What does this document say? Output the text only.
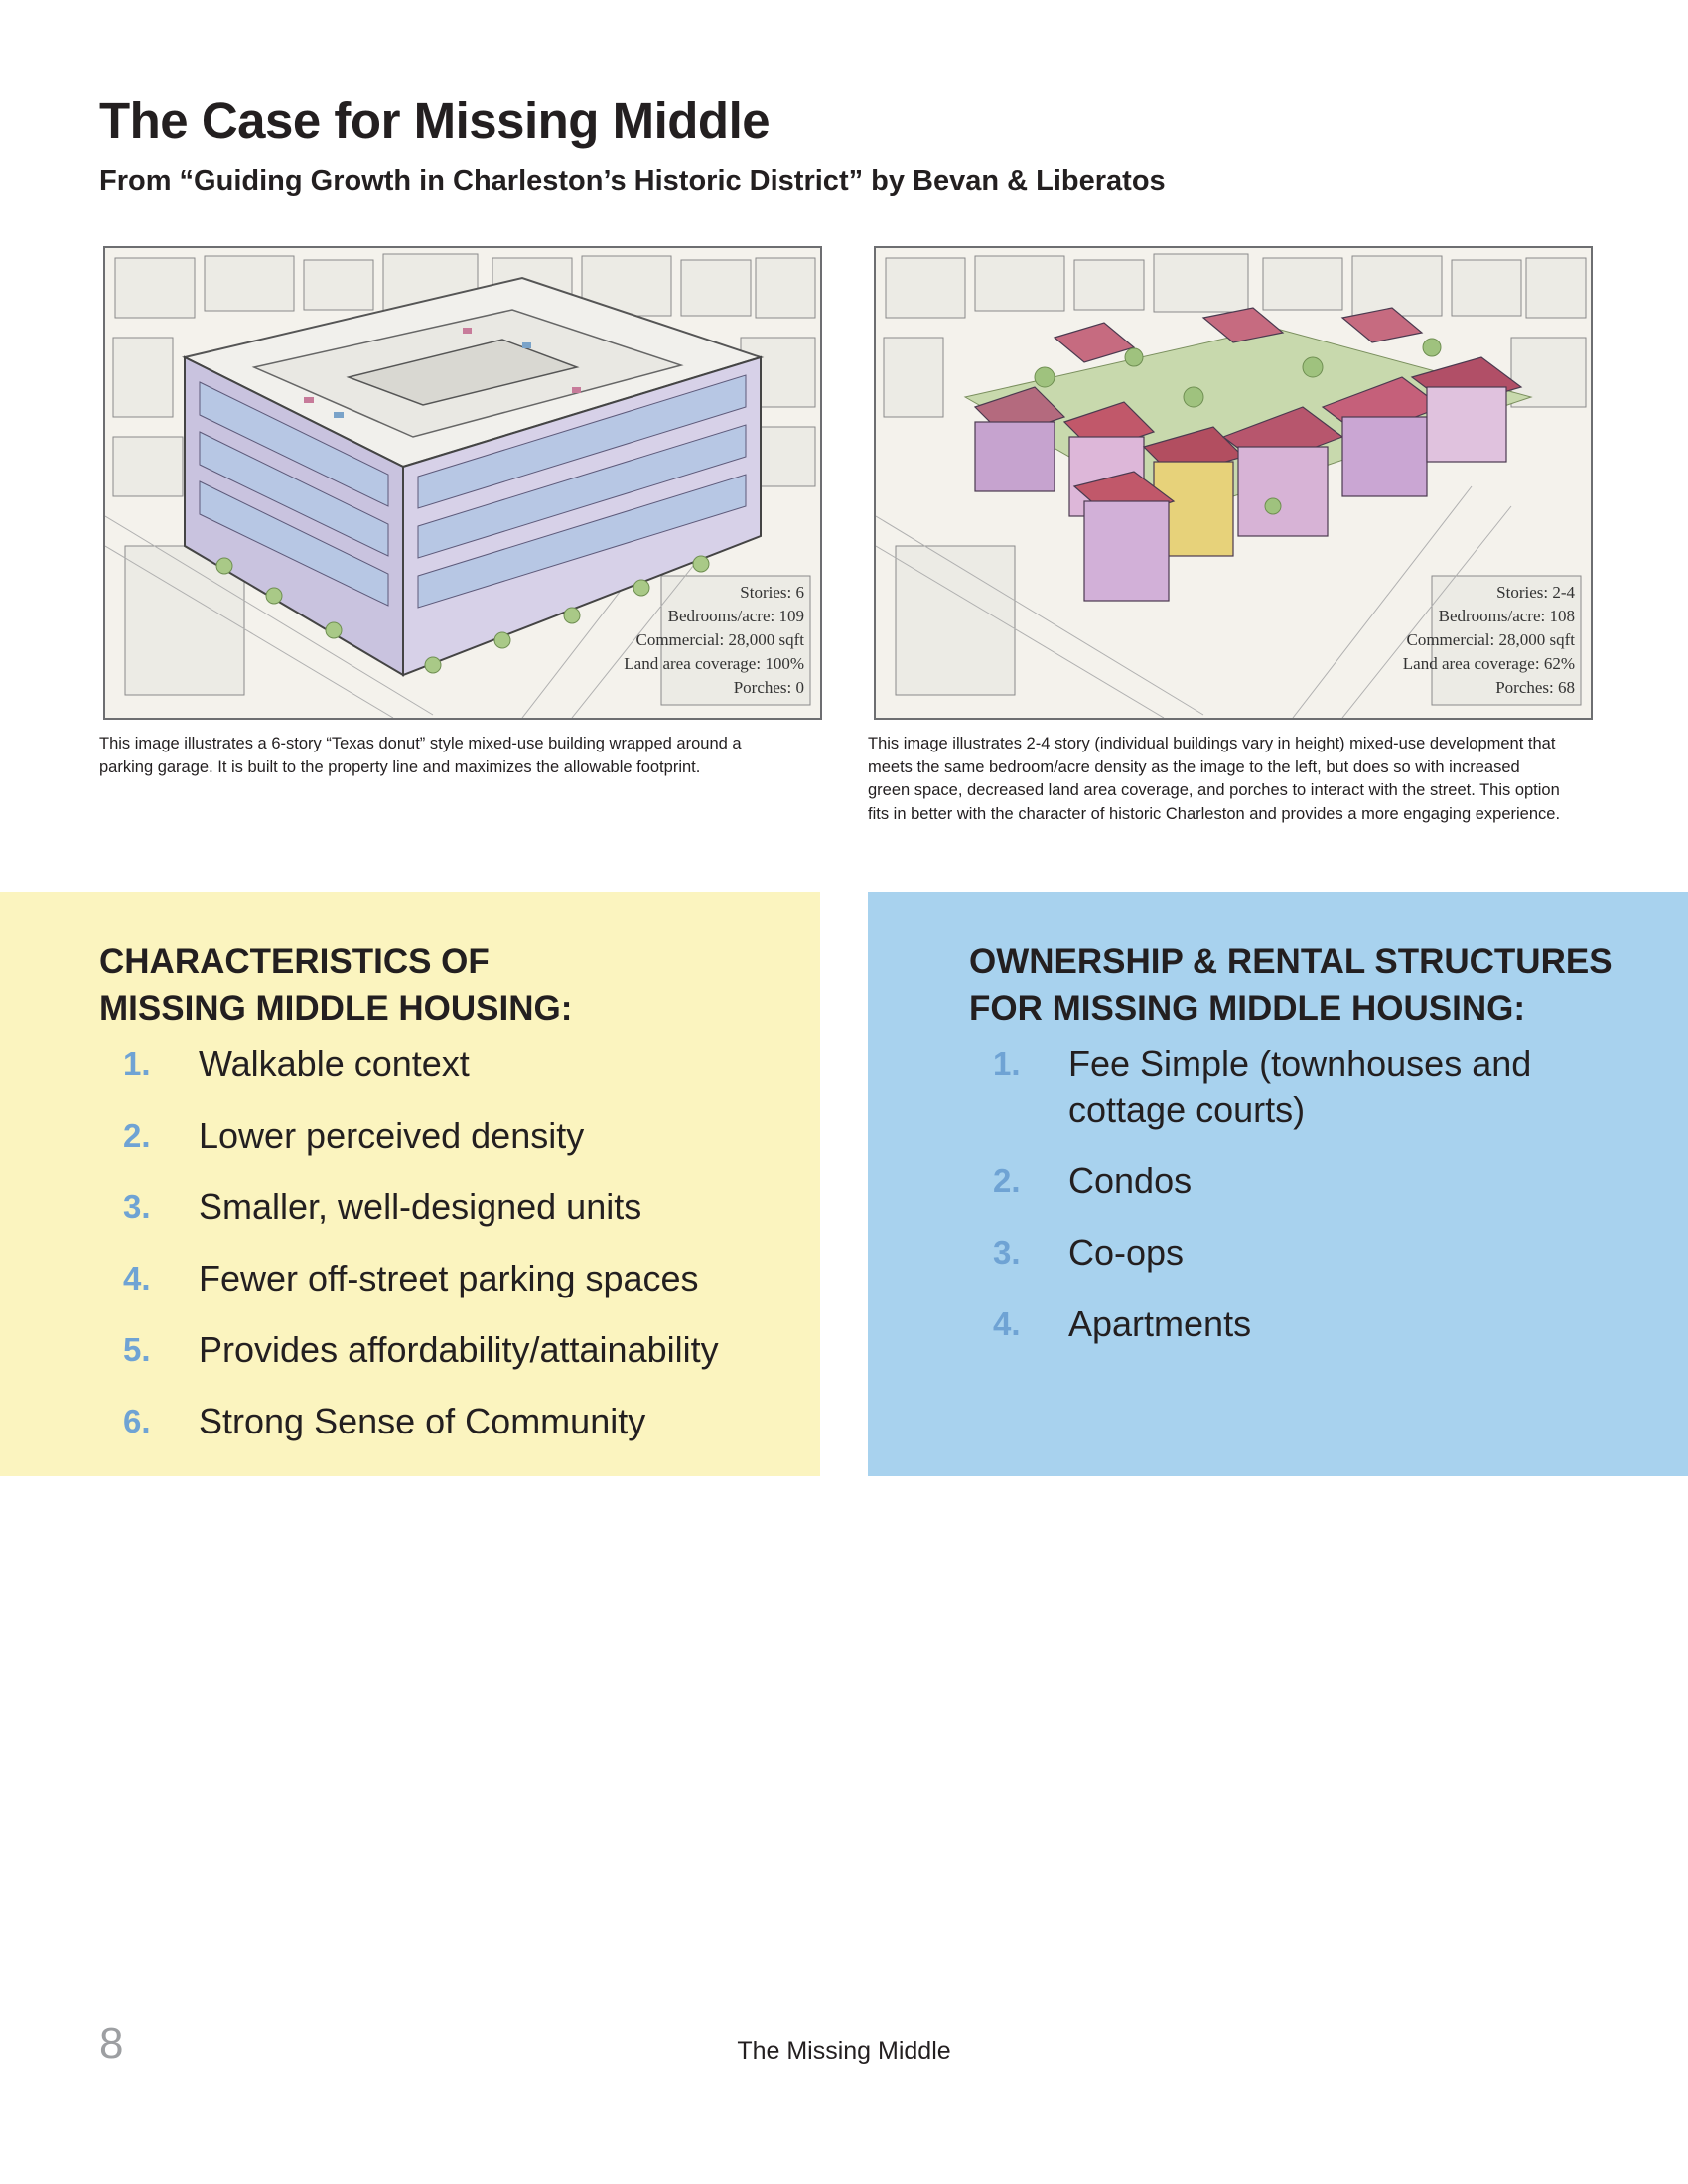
The Case for Missing Middle

From “Guiding Growth in Charleston’s Historic District” by Bevan & Liberatos

Stories: 6
Bedrooms/acre: 109
Commercial: 28,000 sqft
Land area coverage: 100%
Porches: 0
Stories: 2-4
Bedrooms/acre: 108
Commercial: 28,000 sqft
Land area coverage: 62%
Porches: 68

This image illustrates a 6-story “Texas donut” style mixed-use building wrapped around a parking garage. It is built to the property line and maximizes the allowable footprint.

This image illustrates 2-4 story (individual buildings vary in height) mixed-use development that meets the same bedroom/acre density as the image to the left, but does so with increased green space, decreased land area coverage, and porches to interact with the street. This option fits in better with the character of historic Charleston and provides a more engaging experience.

CHARACTERISTICS OF
MISSING MIDDLE HOUSING:
1. Walkable context
2. Lower perceived density
3. Smaller, well-designed units
4. Fewer off-street parking spaces
5. Provides affordability/attainability
6. Strong Sense of Community
OWNERSHIP & RENTAL STRUCTURES
FOR MISSING MIDDLE HOUSING:
1. Fee Simple (townhouses and cottage courts)
2. Condos
3. Co-ops
4. Apartments
8	The Missing Middle
